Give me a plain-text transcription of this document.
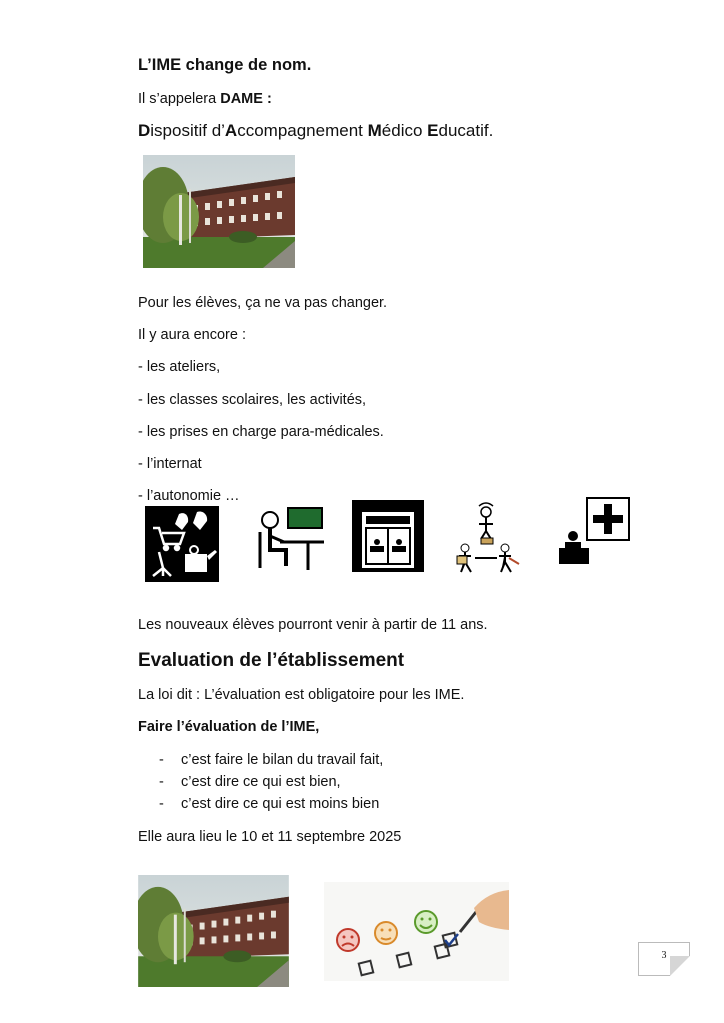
L’IME change de nom.
Il s’appelera DAME :
Dispositif d’Accompagnement Médico Educatif.
Pour les élèves, ça ne va pas changer.
Il y aura encore :
- les ateliers,
- les classes scolaires, les activités,
- les prises en charge para-médicales.
- l’internat
- l’autonomie …
Les nouveaux élèves pourront venir à partir de 11 ans.
Evaluation de l’établissement
La loi dit : L’évaluation est obligatoire pour les IME.
Faire l’évaluation de l’IME,
- c’est faire le bilan du travail fait,
- c’est dire ce qui est bien,
- c’est dire ce qui est moins bien
Elle aura lieu le 10 et 11 septembre 2025
3
